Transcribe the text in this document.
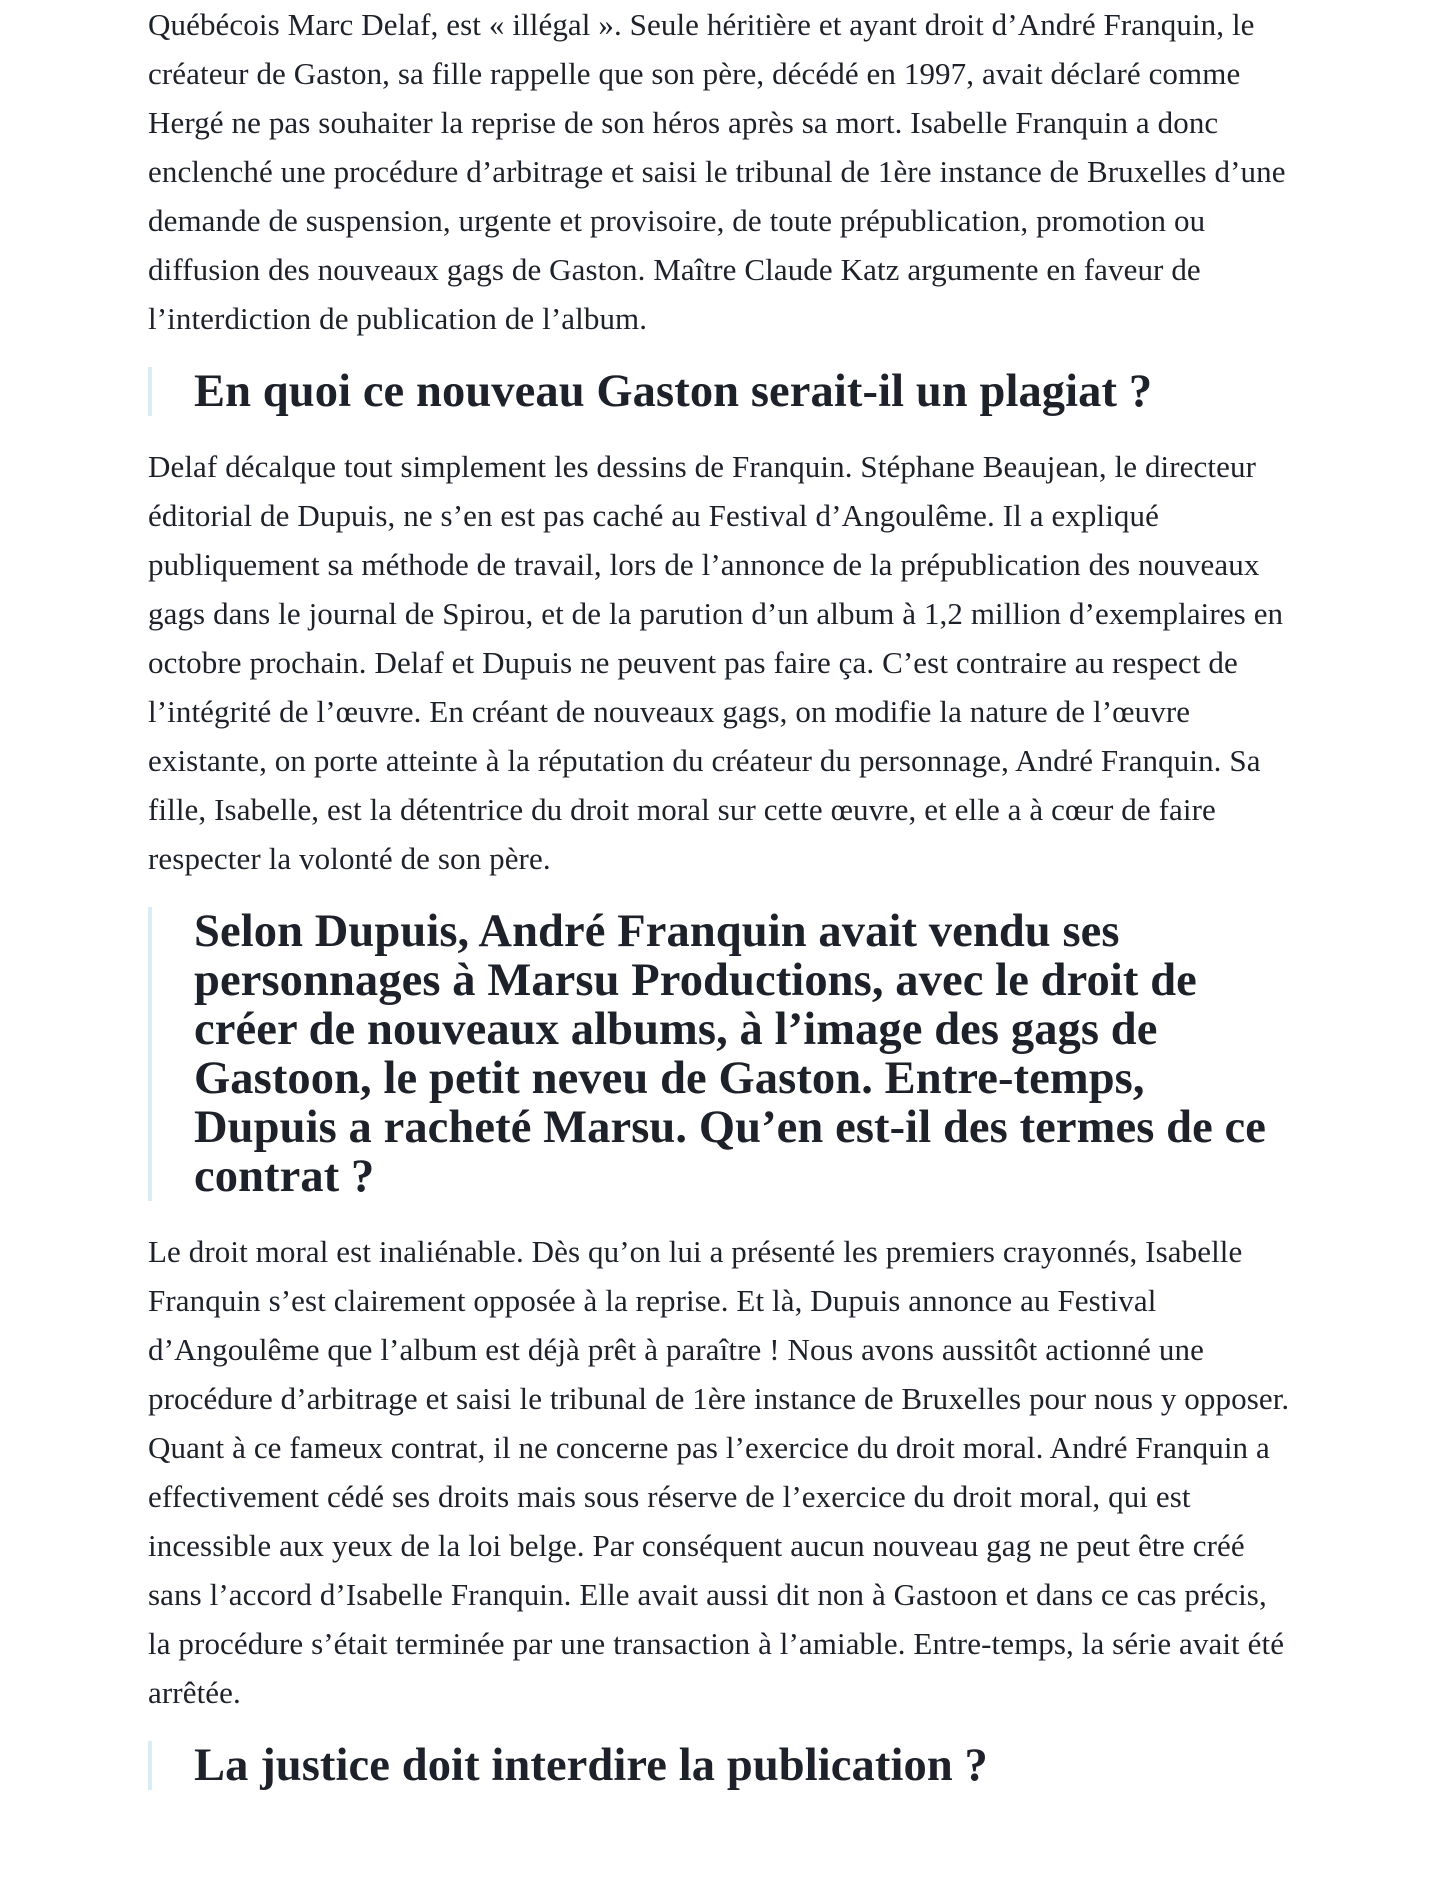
Québécois Marc Delaf, est « illégal ». Seule héritière et ayant droit d’André Franquin, le créateur de Gaston, sa fille rappelle que son père, décédé en 1997, avait déclaré comme Hergé ne pas souhaiter la reprise de son héros après sa mort. Isabelle Franquin a donc enclenché une procédure d’arbitrage et saisi le tribunal de 1ère instance de Bruxelles d’une demande de suspension, urgente et provisoire, de toute prépublication, promotion ou diffusion des nouveaux gags de Gaston. Maître Claude Katz argumente en faveur de l’interdiction de publication de l’album.

En quoi ce nouveau Gaston serait-il un plagiat ?

Delaf décalque tout simplement les dessins de Franquin. Stéphane Beaujean, le directeur éditorial de Dupuis, ne s’en est pas caché au Festival d’Angoulême. Il a expliqué publiquement sa méthode de travail, lors de l’annonce de la prépublication des nouveaux gags dans le journal de Spirou, et de la parution d’un album à 1,2 million d’exemplaires en octobre prochain. Delaf et Dupuis ne peuvent pas faire ça. C’est contraire au respect de l’intégrité de l’œuvre. En créant de nouveaux gags, on modifie la nature de l’œuvre existante, on porte atteinte à la réputation du créateur du personnage, André Franquin. Sa fille, Isabelle, est la détentrice du droit moral sur cette œuvre, et elle a à cœur de faire respecter la volonté de son père.

Selon Dupuis, André Franquin avait vendu ses personnages à Marsu Productions, avec le droit de créer de nouveaux albums, à l’image des gags de Gastoon, le petit neveu de Gaston. Entre-temps, Dupuis a racheté Marsu. Qu’en est-il des termes de ce contrat ?

Le droit moral est inaliénable. Dès qu’on lui a présenté les premiers crayonnés, Isabelle Franquin s’est clairement opposée à la reprise. Et là, Dupuis annonce au Festival d’Angoulême que l’album est déjà prêt à paraître ! Nous avons aussitôt actionné une procédure d’arbitrage et saisi le tribunal de 1ère instance de Bruxelles pour nous y opposer. Quant à ce fameux contrat, il ne concerne pas l’exercice du droit moral. André Franquin a effectivement cédé ses droits mais sous réserve de l’exercice du droit moral, qui est incessible aux yeux de la loi belge. Par conséquent aucun nouveau gag ne peut être créé sans l’accord d’Isabelle Franquin. Elle avait aussi dit non à Gastoon et dans ce cas précis, la procédure s’était terminée par une transaction à l’amiable. Entre-temps, la série avait été arrêtée.

La justice doit interdire la publication ?
